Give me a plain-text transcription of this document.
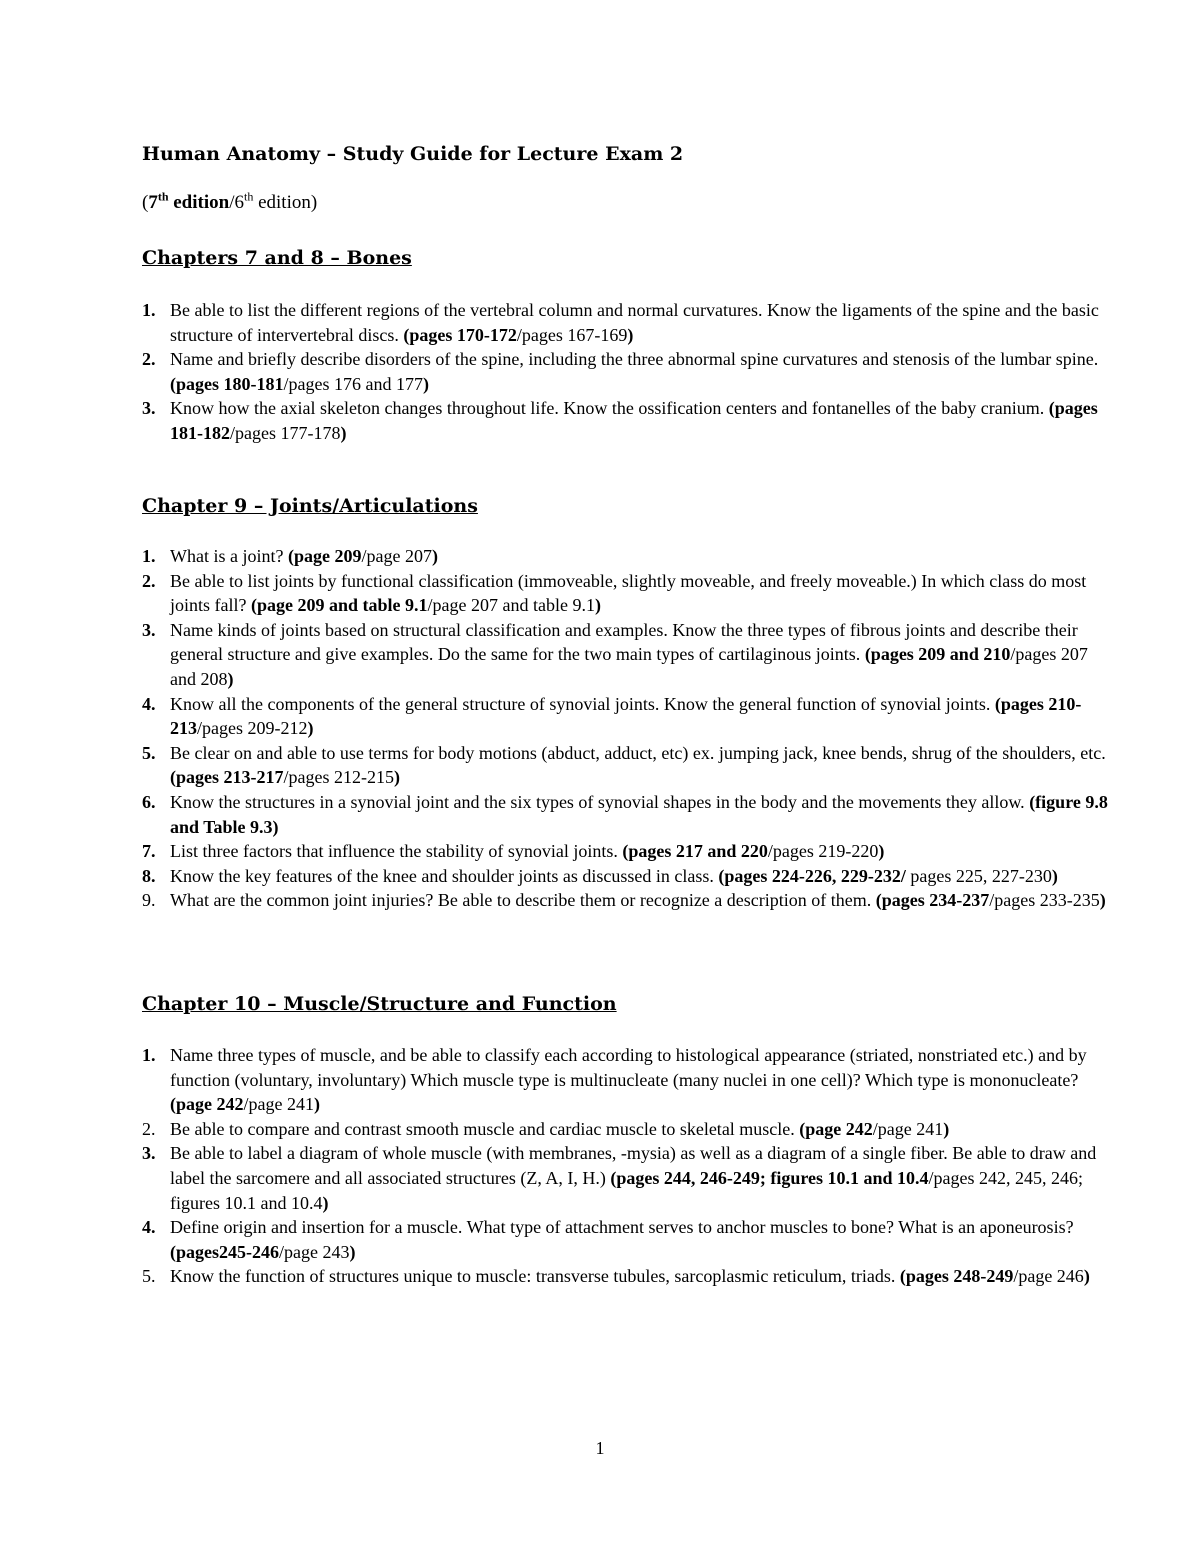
Human Anatomy – Study Guide for Lecture Exam 2
(7th edition/6th edition)
Chapters 7 and 8 – Bones
1. Be able to list the different regions of the vertebral column and normal curvatures. Know the ligaments of the spine and the basic structure of intervertebral discs. (pages 170-172/pages 167-169)
2. Name and briefly describe disorders of the spine, including the three abnormal spine curvatures and stenosis of the lumbar spine. (pages 180-181/pages 176 and 177)
3. Know how the axial skeleton changes throughout life. Know the ossification centers and fontanelles of the baby cranium. (pages 181-182/pages 177-178)
Chapter 9 – Joints/Articulations
1. What is a joint? (page 209/page 207)
2. Be able to list joints by functional classification (immoveable, slightly moveable, and freely moveable.) In which class do most joints fall? (page 209 and table 9.1/page 207 and table 9.1)
3. Name kinds of joints based on structural classification and examples. Know the three types of fibrous joints and describe their general structure and give examples. Do the same for the two main types of cartilaginous joints. (pages 209 and 210/pages 207 and 208)
4. Know all the components of the general structure of synovial joints. Know the general function of synovial joints. (pages 210-213/pages 209-212)
5. Be clear on and able to use terms for body motions (abduct, adduct, etc) ex. jumping jack, knee bends, shrug of the shoulders, etc. (pages 213-217/pages 212-215)
6. Know the structures in a synovial joint and the six types of synovial shapes in the body and the movements they allow. (figure 9.8 and Table 9.3)
7. List three factors that influence the stability of synovial joints. (pages 217 and 220/pages 219-220)
8. Know the key features of the knee and shoulder joints as discussed in class. (pages 224-226, 229-232/ pages 225, 227-230)
9. What are the common joint injuries? Be able to describe them or recognize a description of them. (pages 234-237/pages 233-235)
Chapter 10 – Muscle/Structure and Function
1. Name three types of muscle, and be able to classify each according to histological appearance (striated, nonstriated etc.) and by function (voluntary, involuntary) Which muscle type is multinucleate (many nuclei in one cell)? Which type is mononucleate? (page 242/page 241)
2. Be able to compare and contrast smooth muscle and cardiac muscle to skeletal muscle. (page 242/page 241)
3. Be able to label a diagram of whole muscle (with membranes, -mysia) as well as a diagram of a single fiber. Be able to draw and label the sarcomere and all associated structures (Z, A, I, H.) (pages 244, 246-249; figures 10.1 and 10.4/pages 242, 245, 246; figures 10.1 and 10.4)
4. Define origin and insertion for a muscle. What type of attachment serves to anchor muscles to bone? What is an aponeurosis? (pages245-246/page 243)
5. Know the function of structures unique to muscle: transverse tubules, sarcoplasmic reticulum, triads. (pages 248-249/page 246)
1
